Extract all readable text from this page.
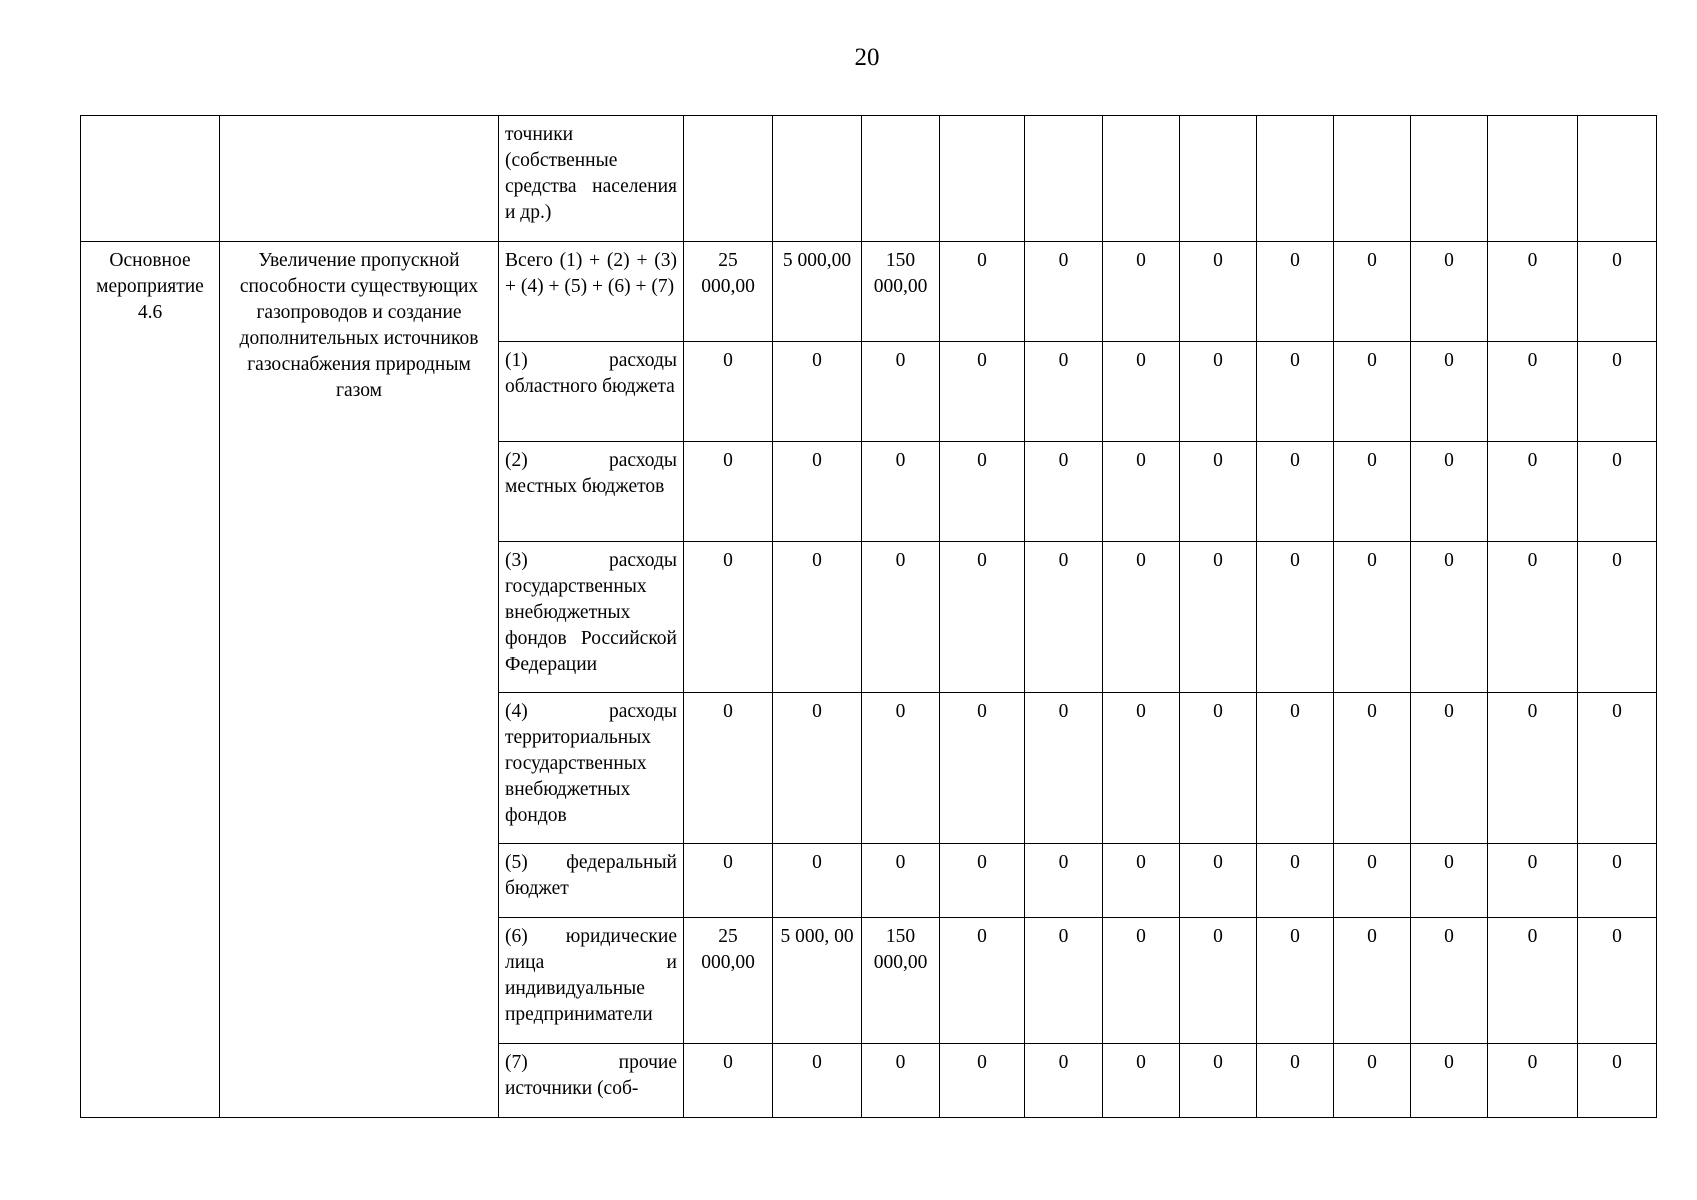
20
		точники (собственные средства населения и др.)												
Основное мероприятие 4.6	Увеличение пропускной способности существующих газопроводов и создание дополнительных источников газоснабжения природным газом	Всего (1) + (2) + (3) + (4) + (5) + (6) + (7)	25 000,00	5 000,00	150 000,00	0	0	0	0	0	0	0	0	0
		(1) расходы областного бюджета	0	0	0	0	0	0	0	0	0	0	0	0
		(2) расходы местных бюджетов	0	0	0	0	0	0	0	0	0	0	0	0
		(3) расходы государственных внебюджетных фондов Российской Федерации	0	0	0	0	0	0	0	0	0	0	0	0
		(4) расходы территориальных государственных внебюджетных фондов	0	0	0	0	0	0	0	0	0	0	0	0
		(5) федеральный бюджет	0	0	0	0	0	0	0	0	0	0	0	0
		(6) юридические лица и индивидуальные предприниматели	25 000,00	5 000, 00	150 000,00	0	0	0	0	0	0	0	0	0
		(7) прочие источники (соб-	0	0	0	0	0	0	0	0	0	0	0	0
